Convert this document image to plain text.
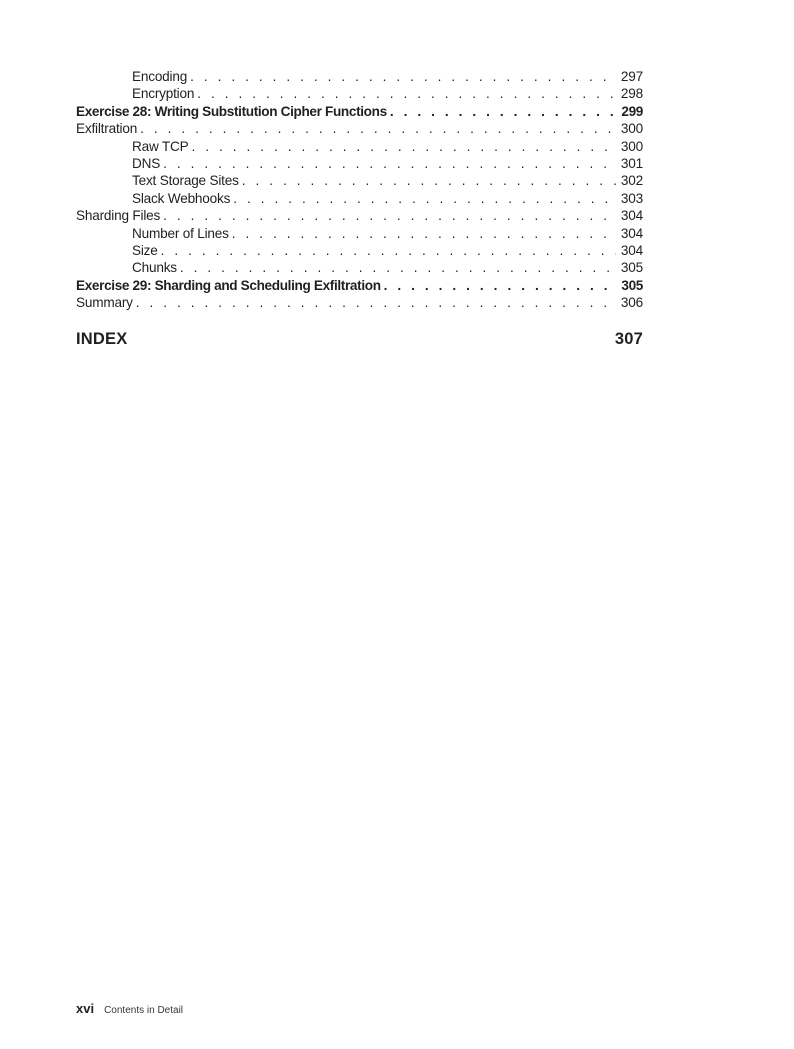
Encoding . . .	297
Encryption . . .	298
Exercise 28: Writing Substitution Cipher Functions . . .	299
Exfiltration . . .	300
Raw TCP . . .	300
DNS . . .	301
Text Storage Sites . . .	302
Slack Webhooks . . .	303
Sharding Files . . .	304
Number of Lines . . .	304
Size . . .	304
Chunks . . .	305
Exercise 29: Sharding and Scheduling Exfiltration . . .	305
Summary . . .	306
INDEX	307
xvi Contents in Detail
